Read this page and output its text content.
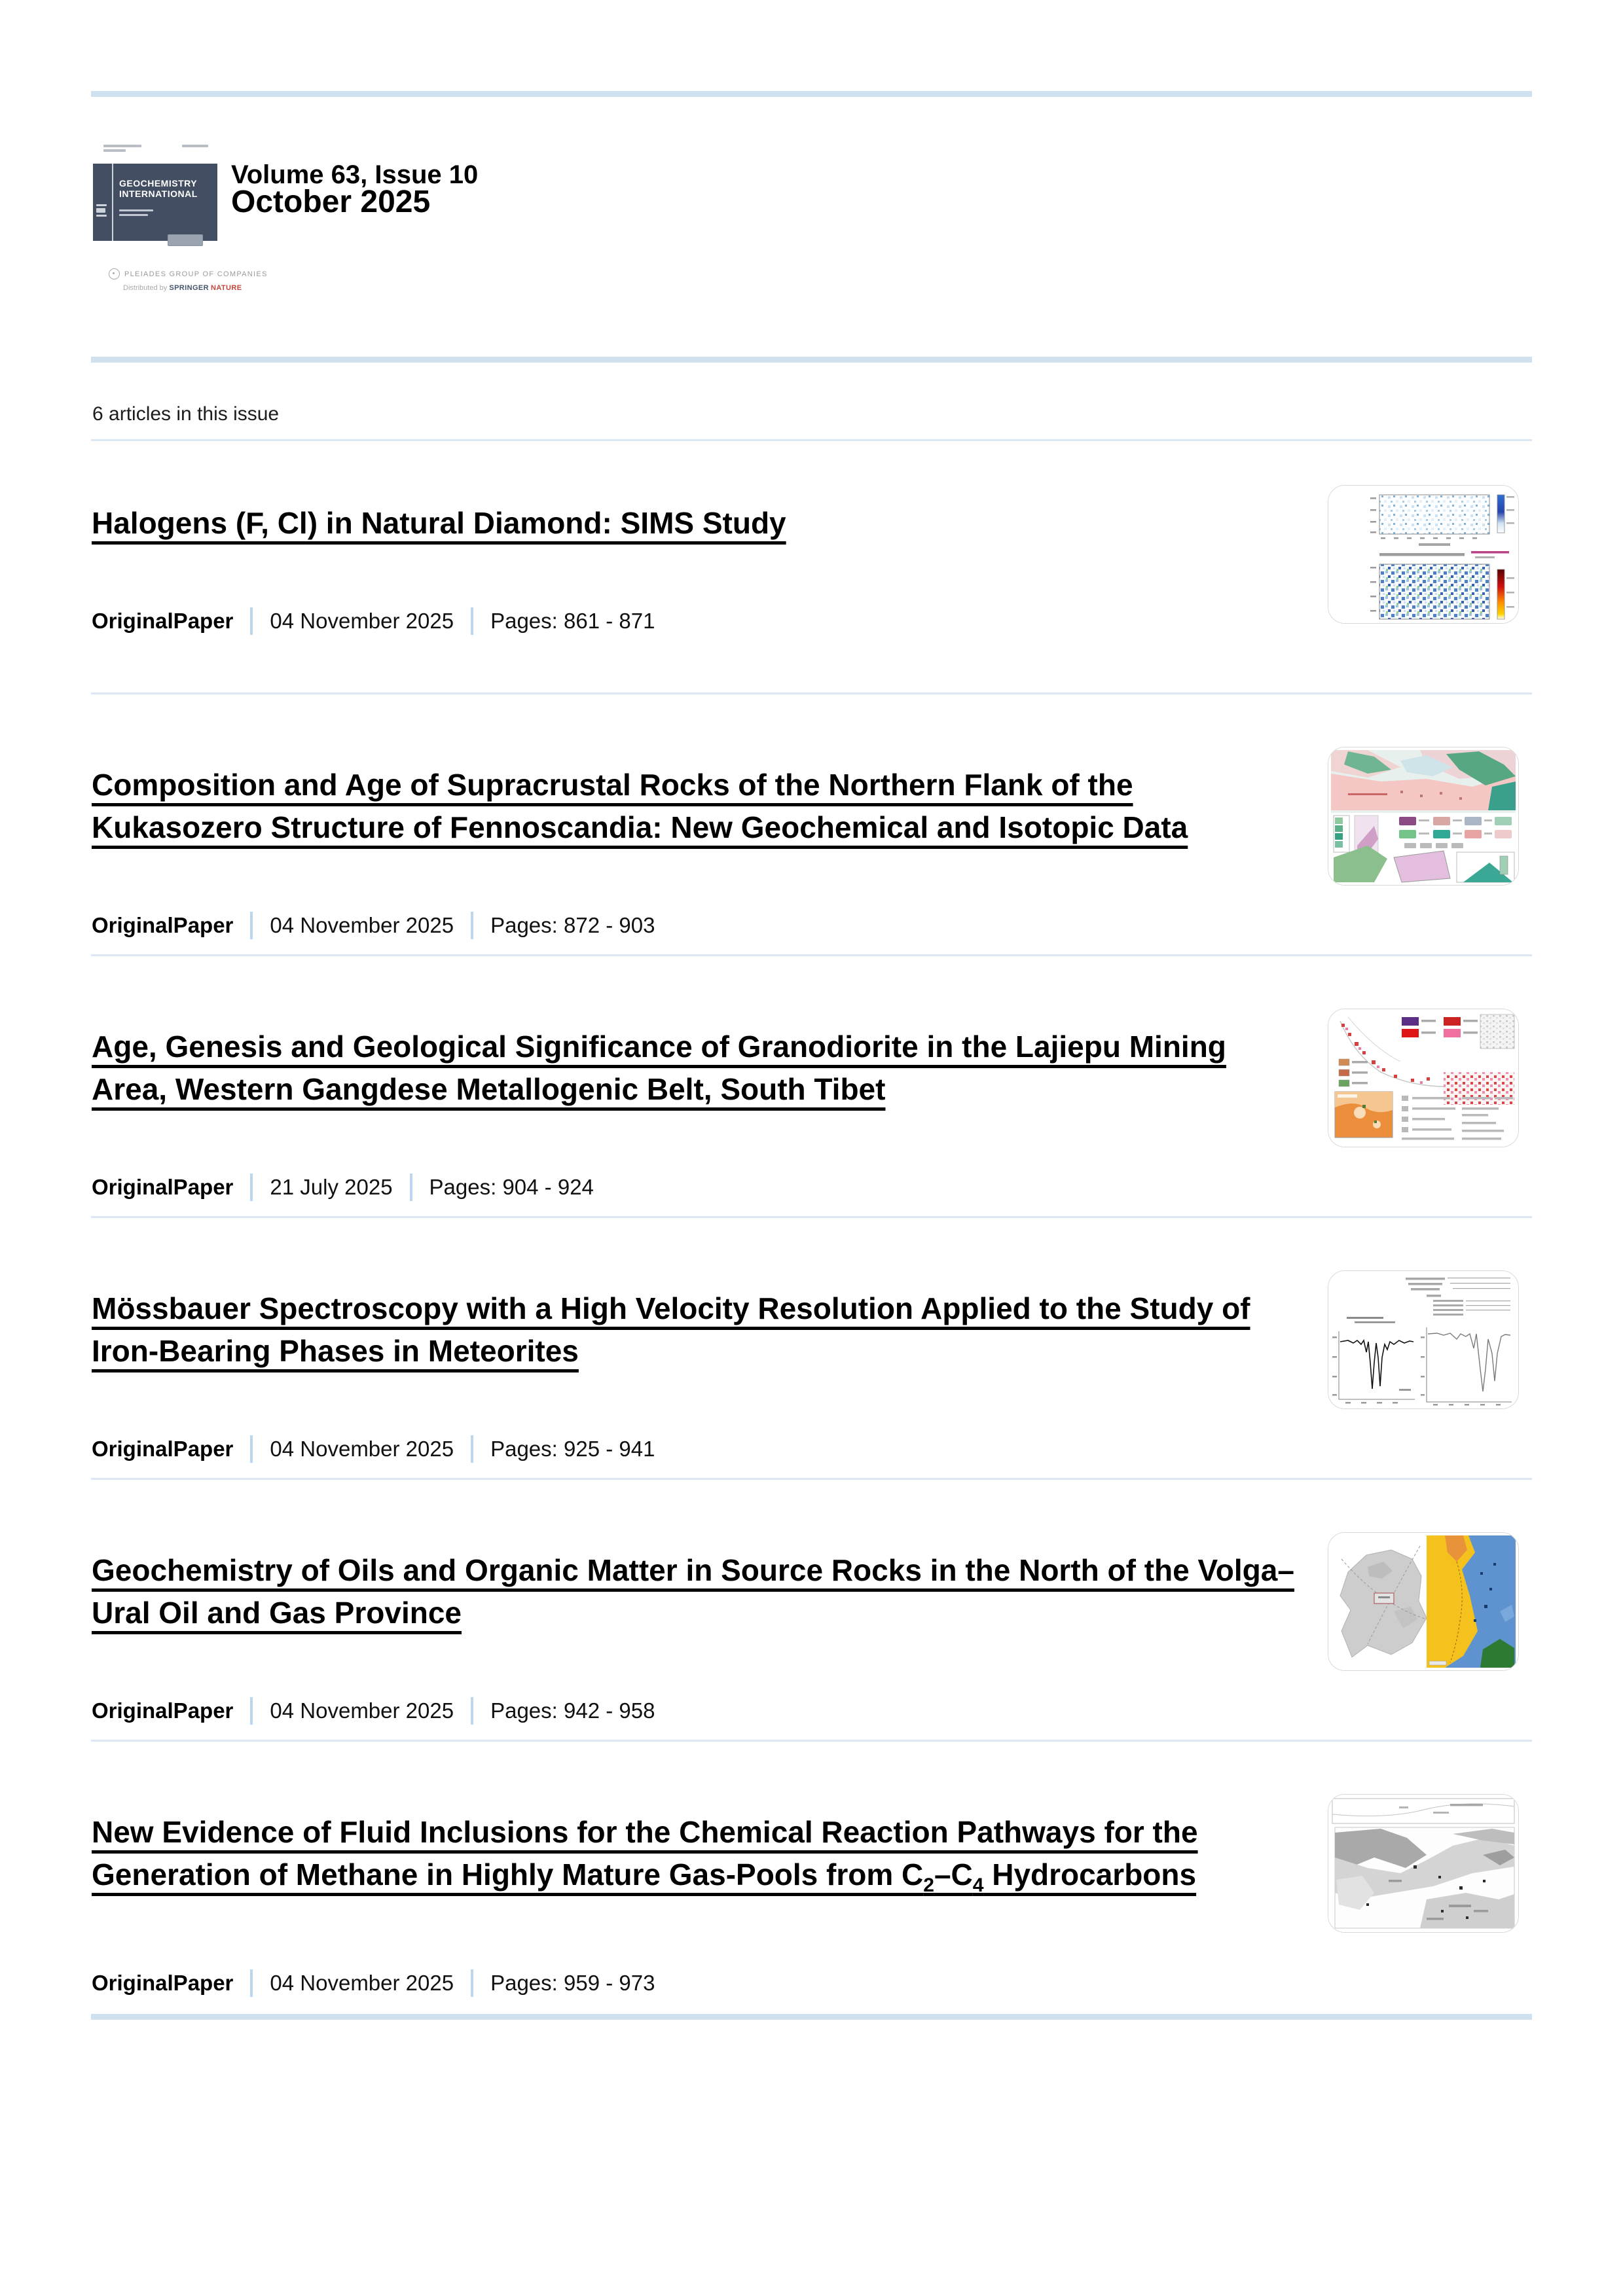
GEOCHEMISTRY INTERNATIONAL
PLEIADES GROUP OF COMPANIES
Distributed by SPRINGER NATURE
Volume 63, Issue 10
October 2025

6 articles in this issue

Halogens (F, Cl) in Natural Diamond: SIMS Study
OriginalPaper 04 November 2025 Pages: 861 - 871
Composition and Age of Supracrustal Rocks of the Northern Flank of the
Kukasozero Structure of Fennoscandia: New Geochemical and Isotopic Data
OriginalPaper 04 November 2025 Pages: 872 - 903
Age, Genesis and Geological Significance of Granodiorite in the Lajiepu Mining
Area, Western Gangdese Metallogenic Belt, South Tibet
OriginalPaper 21 July 2025 Pages: 904 - 924
Mössbauer Spectroscopy with a High Velocity Resolution Applied to the Study of
Iron-Bearing Phases in Meteorites
OriginalPaper 04 November 2025 Pages: 925 - 941
Geochemistry of Oils and Organic Matter in Source Rocks in the North of the Volga–
Ural Oil and Gas Province
OriginalPaper 04 November 2025 Pages: 942 - 958
New Evidence of Fluid Inclusions for the Chemical Reaction Pathways for the
Generation of Methane in Highly Mature Gas-Pools from $C_2-C_4$ Hydrocarbons
OriginalPaper 04 November 2025 Pages: 959 - 973
